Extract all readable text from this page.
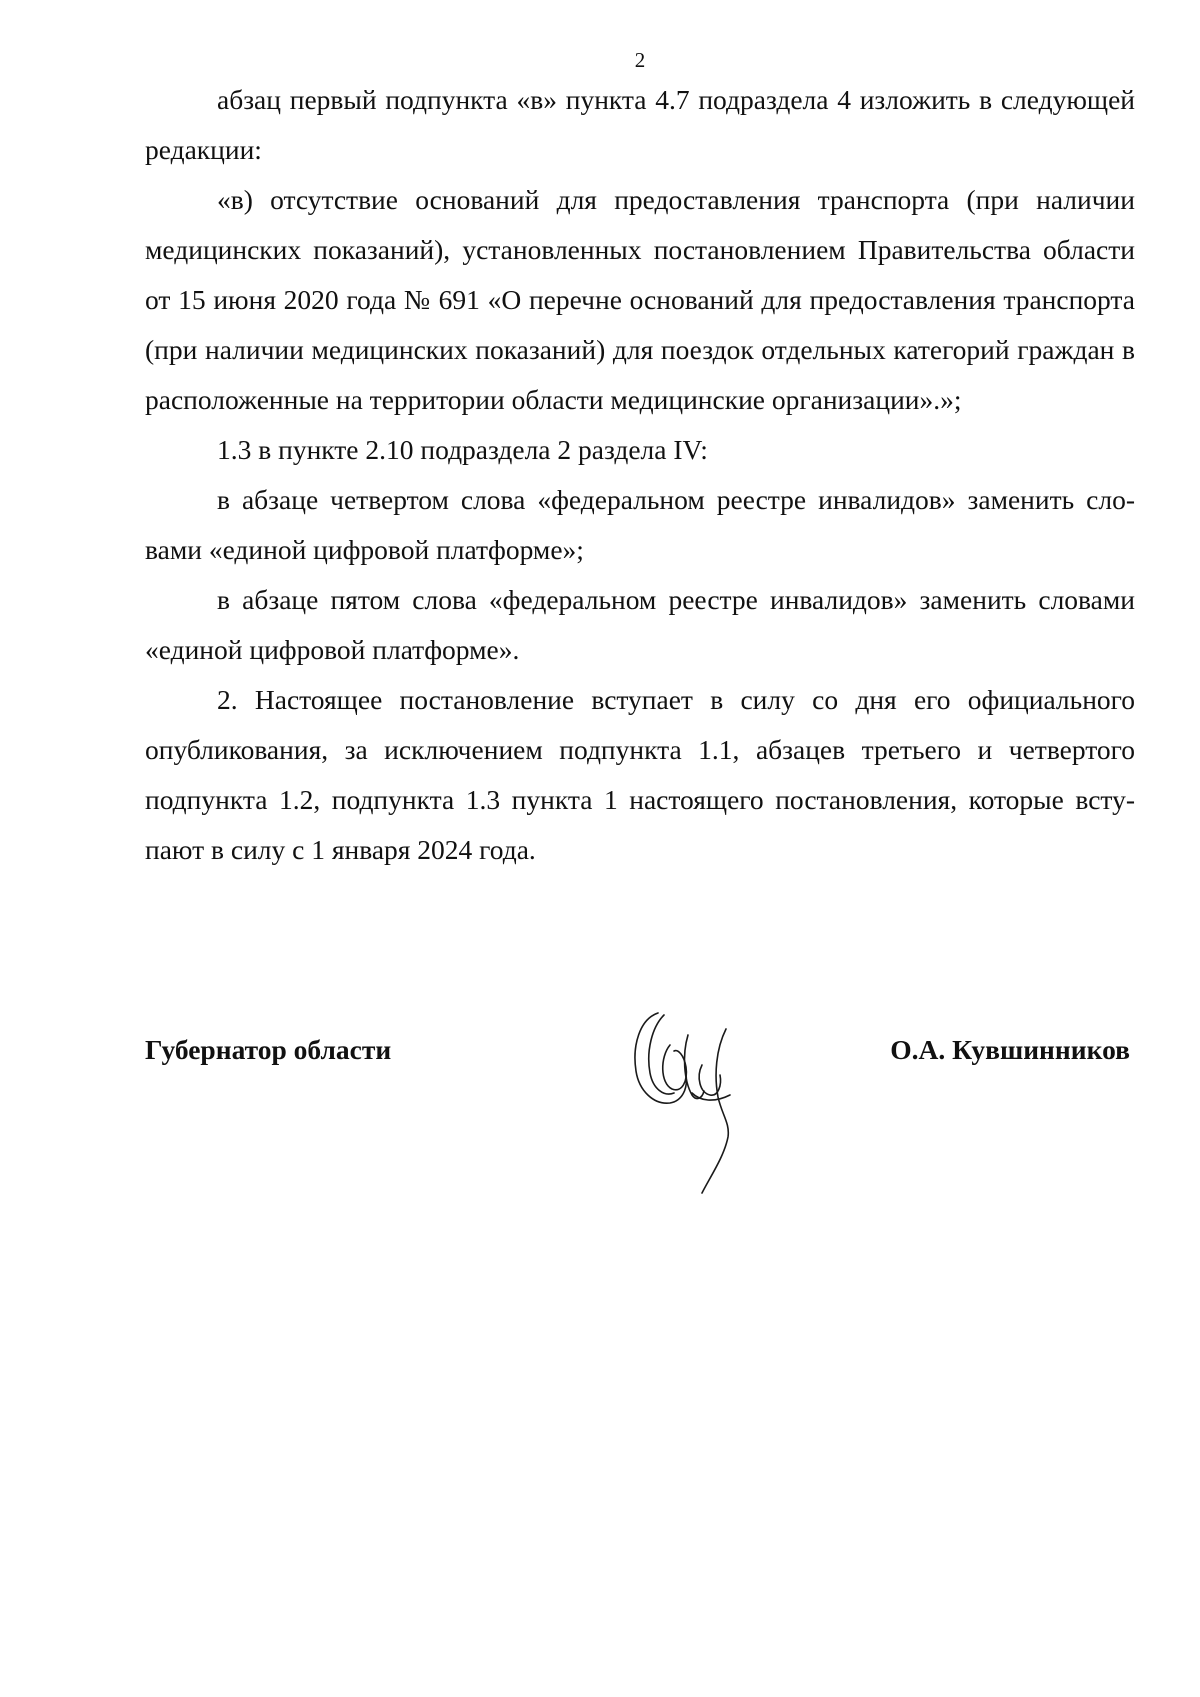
2

абзац первый подпункта «в» пункта 4.7 подраздела 4 изложить в следующей редакции:

«в) отсутствие оснований для предоставления транспорта (при наличии медицинских показаний), установленных постановлением Правительства области от 15 июня 2020 года № 691 «О перечне оснований для предоставления транспорта (при наличии медицинских показаний) для поездок отдельных категорий граждан в расположенные на территории области медицинские организации».»;

1.3 в пункте 2.10 подраздела 2 раздела IV:

в абзаце четвертом слова «федеральном реестре инвалидов» заменить словами «единой цифровой платформе»;

в абзаце пятом слова «федеральном реестре инвалидов» заменить словами «единой цифровой платформе».

2. Настоящее постановление вступает в силу со дня его официального опубликования, за исключением подпункта 1.1, абзацев третьего и четвертого подпункта 1.2, подпункта 1.3 пункта 1 настоящего постановления, которые вступают в силу с 1 января 2024 года.

Губернатор области	О.А. Кувшинников
